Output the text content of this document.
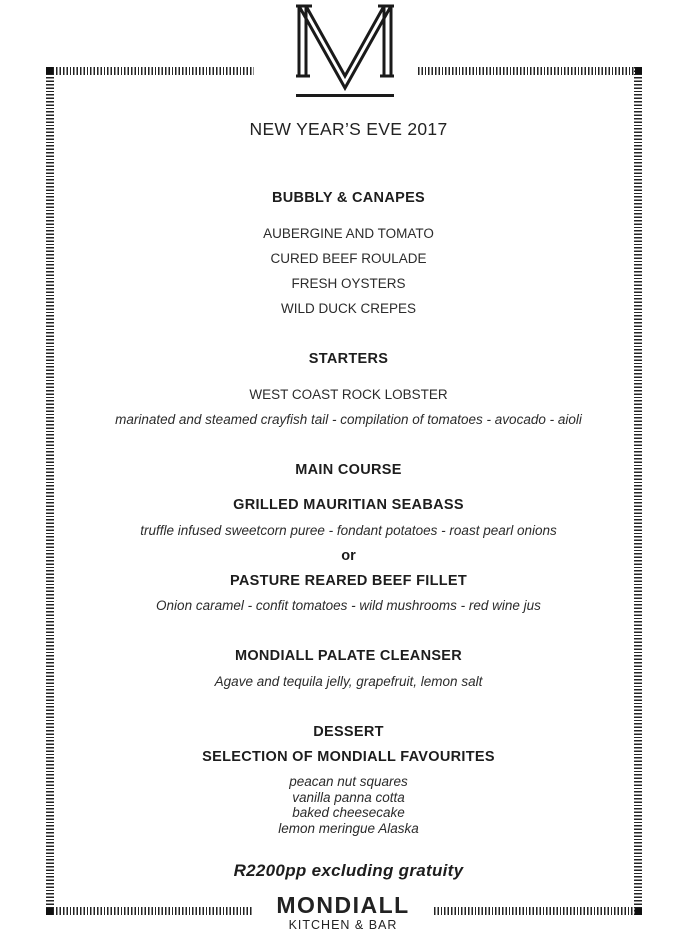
NEW YEAR’S EVE 2017
BUBBLY & CANAPES
AUBERGINE AND TOMATO
CURED BEEF ROULADE
FRESH OYSTERS
WILD DUCK CREPES
STARTERS
WEST COAST ROCK LOBSTER
marinated and steamed crayfish tail - compilation of tomatoes - avocado - aioli
MAIN COURSE
GRILLED MAURITIAN SEABASS
truffle infused sweetcorn puree - fondant potatoes - roast pearl onions
or
PASTURE REARED BEEF FILLET
Onion caramel - confit tomatoes - wild mushrooms - red wine jus
MONDIALL PALATE CLEANSER
Agave and tequila jelly, grapefruit, lemon salt
DESSERT
SELECTION OF MONDIALL FAVOURITES
peacan nut squares
vanilla panna cotta
baked cheesecake
lemon meringue Alaska
R2200pp excluding gratuity
MONDIALL
KITCHEN & BAR
